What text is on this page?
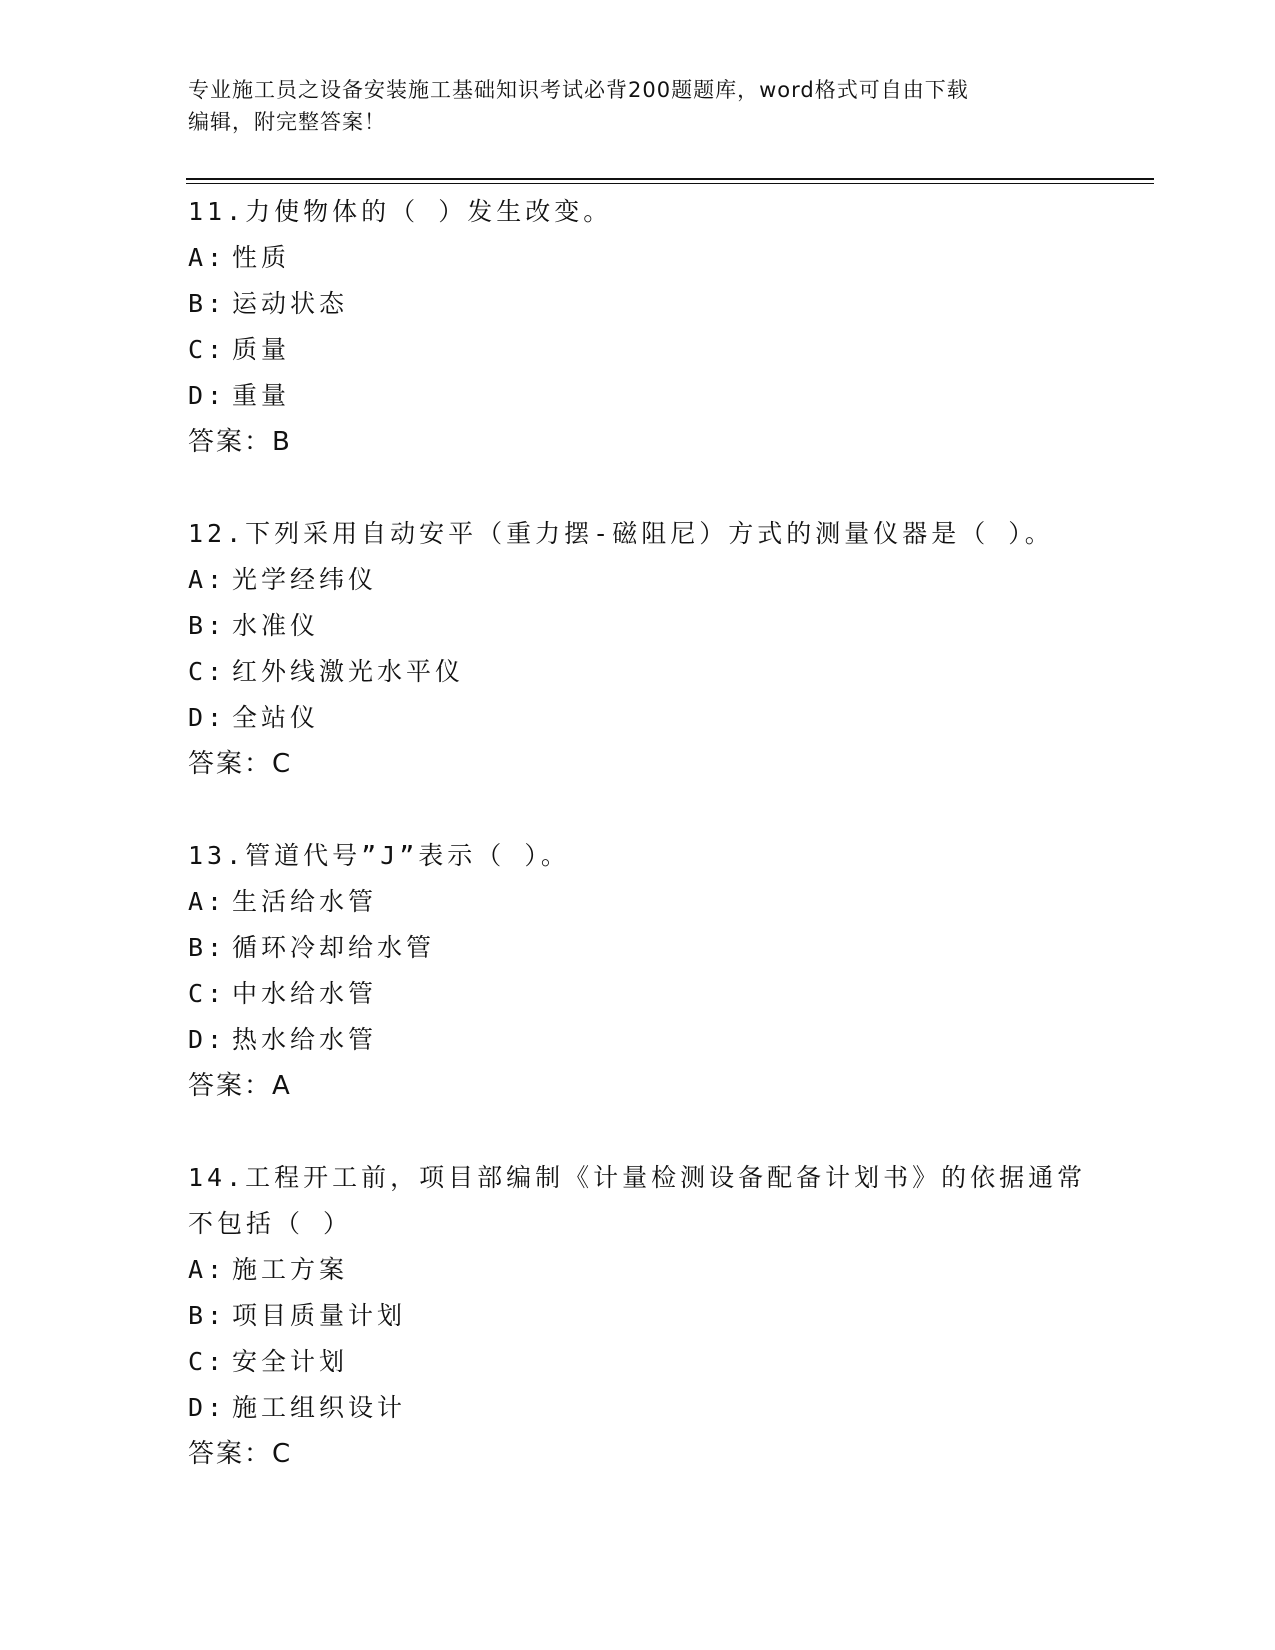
专业施工员之设备安装施工基础知识考试必背200题题库，word格式可自由下载
编辑，附完整答案！

11.力使物体的（ ）发生改变。

A: 性质
B: 运动状态
C: 质量
D: 重量

答案：B

12.下列采用自动安平（重力摆-磁阻尼）方式的测量仪器是（ ）。

A: 光学经纬仪
B: 水准仪
C: 红外线激光水平仪
D: 全站仪

答案：C

13.管道代号”J”表示（ ）。

A: 生活给水管
B: 循环冷却给水管
C: 中水给水管
D: 热水给水管

答案：A

14.工程开工前，项目部编制《计量检测设备配备计划书》的依据通常

不包括（ ）

A: 施工方案
B: 项目质量计划
C: 安全计划
D: 施工组织设计

答案：C
